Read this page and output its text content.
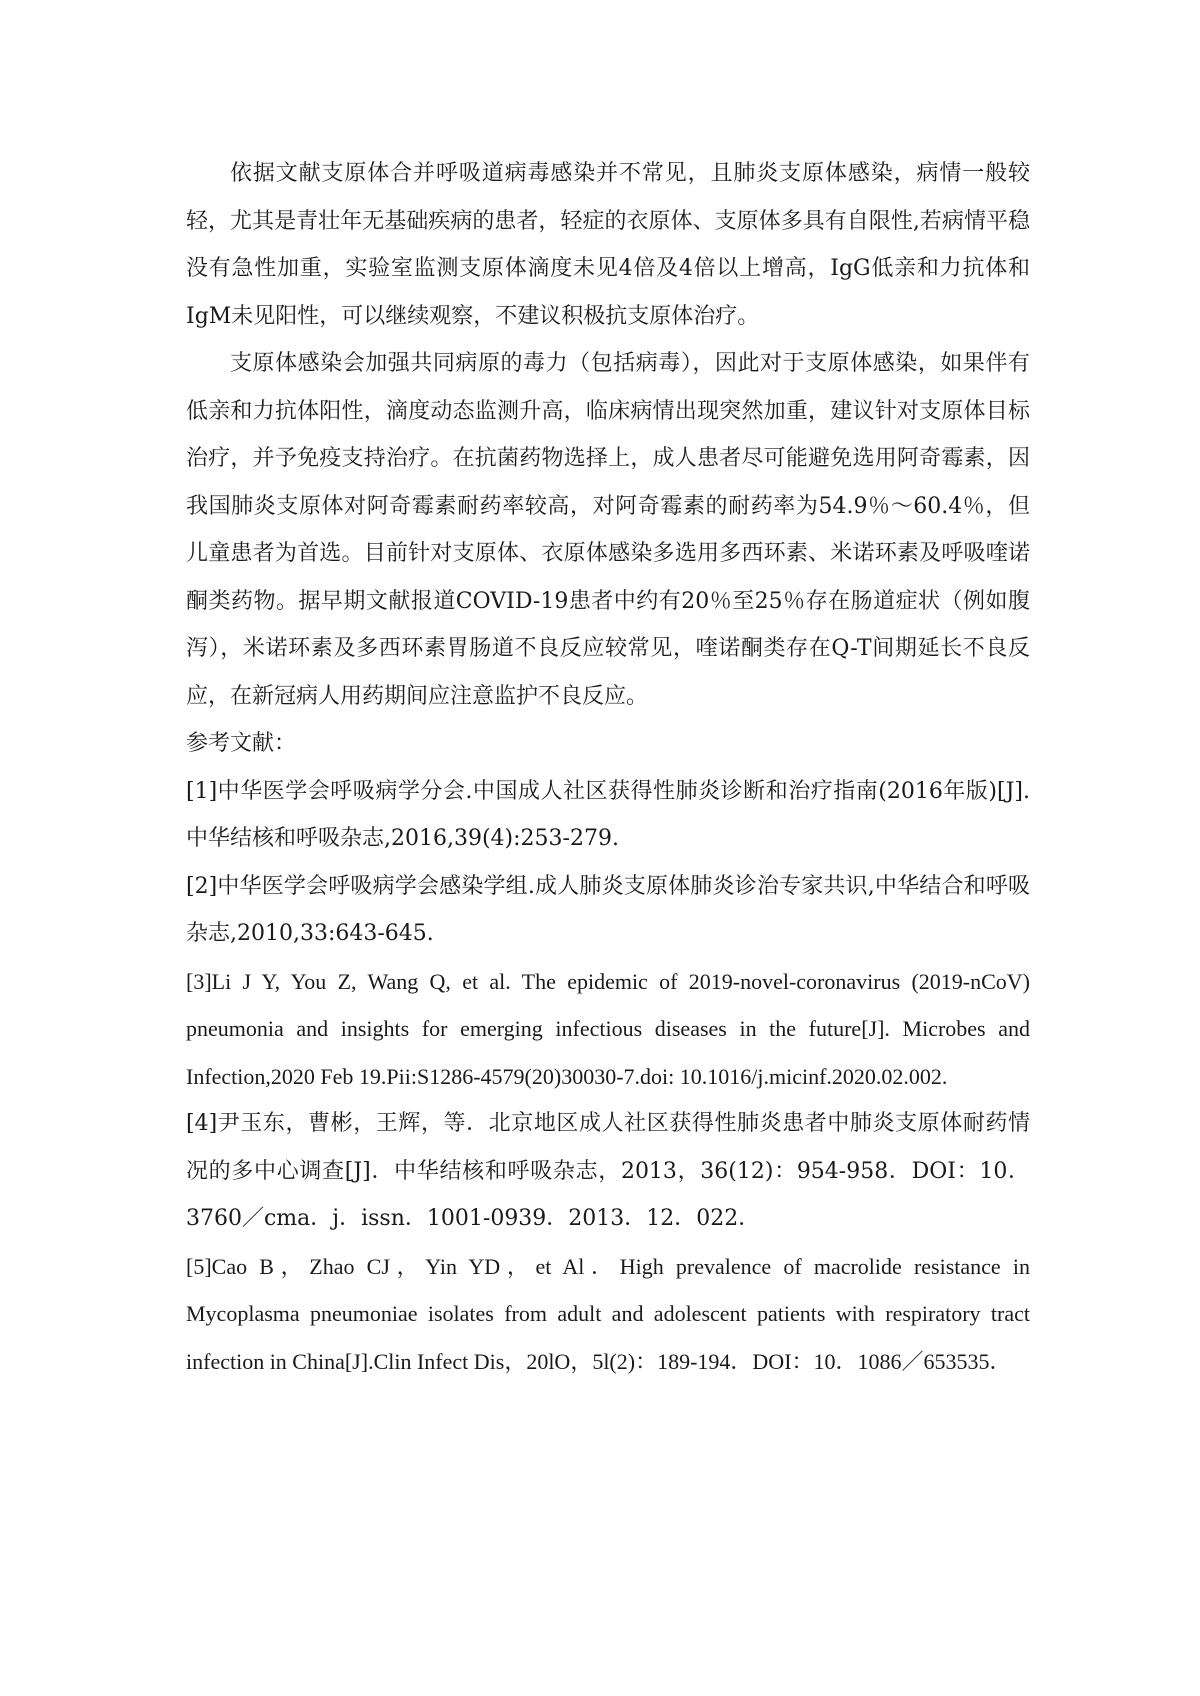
依据文献支原体合并呼吸道病毒感染并不常见，且肺炎支原体感染，病情一般较轻，尤其是青壮年无基础疾病的患者，轻症的衣原体、支原体多具有自限性,若病情平稳没有急性加重，实验室监测支原体滴度未见4倍及4倍以上增高，IgG低亲和力抗体和IgM未见阳性，可以继续观察，不建议积极抗支原体治疗。

支原体感染会加强共同病原的毒力（包括病毒），因此对于支原体感染，如果伴有低亲和力抗体阳性，滴度动态监测升高，临床病情出现突然加重，建议针对支原体目标治疗，并予免疫支持治疗。在抗菌药物选择上，成人患者尽可能避免选用阿奇霉素，因我国肺炎支原体对阿奇霉素耐药率较高，对阿奇霉素的耐药率为54.9％～60.4％，但儿童患者为首选。目前针对支原体、衣原体感染多选用多西环素、米诺环素及呼吸喹诺酮类药物。据早期文献报道COVID-19患者中约有20％至25％存在肠道症状（例如腹泻），米诺环素及多西环素胃肠道不良反应较常见，喹诺酮类存在Q-T间期延长不良反应，在新冠病人用药期间应注意监护不良反应。

参考文献：

[1]中华医学会呼吸病学分会.中国成人社区获得性肺炎诊断和治疗指南(2016年版)[J].中华结核和呼吸杂志,2016,39(4):253-279.

[2]中华医学会呼吸病学会感染学组.成人肺炎支原体肺炎诊治专家共识,中华结合和呼吸杂志,2010,33:643-645.

[3]Li J Y, You Z, Wang Q, et al. The epidemic of 2019-novel-coronavirus (2019-nCoV) pneumonia and insights for emerging infectious diseases in the future[J]. Microbes and Infection,2020 Feb 19.Pii:S1286-4579(20)30030-7.doi: 10.1016/j.micinf.2020.02.002.

[4]尹玉东，曹彬，王辉，等．北京地区成人社区获得性肺炎患者中肺炎支原体耐药情况的多中心调查[J]．中华结核和呼吸杂志，2013，36(12)：954-958．DOI：10．3760／cma．j．issn．1001-0939．2013．12．022．

[5]Cao B，Zhao CJ，Yin YD，et Al．High prevalence of macrolide resistance in Mycoplasma pneumoniae isolates from adult and adolescent patients with respiratory tract infection in China[J].Clin Infect Dis，20lO，5l(2)：189-194．DOI：10．1086／653535．
